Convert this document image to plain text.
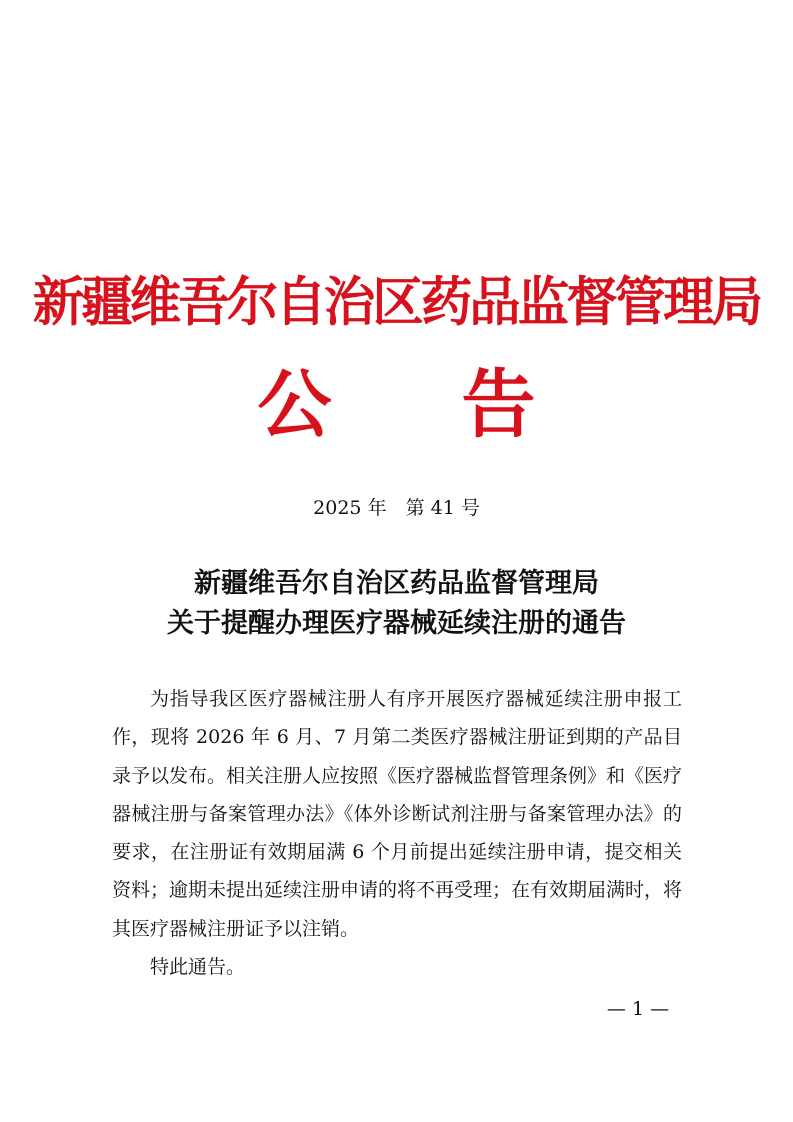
新疆维吾尔自治区药品监督管理局
公 告
2025 年　第 41 号
新疆维吾尔自治区药品监督管理局
关于提醒办理医疗器械延续注册的通告

为指导我区医疗器械注册人有序开展医疗器械延续注册申报工作，现将 2026 年 6 月、7 月第二类医疗器械注册证到期的产品目录予以发布。相关注册人应按照《医疗器械监督管理条例》和《医疗器械注册与备案管理办法》《体外诊断试剂注册与备案管理办法》的要求，在注册证有效期届满 6 个月前提出延续注册申请，提交相关资料；逾期未提出延续注册申请的将不再受理；在有效期届满时，将其医疗器械注册证予以注销。

特此通告。

— 1 —
